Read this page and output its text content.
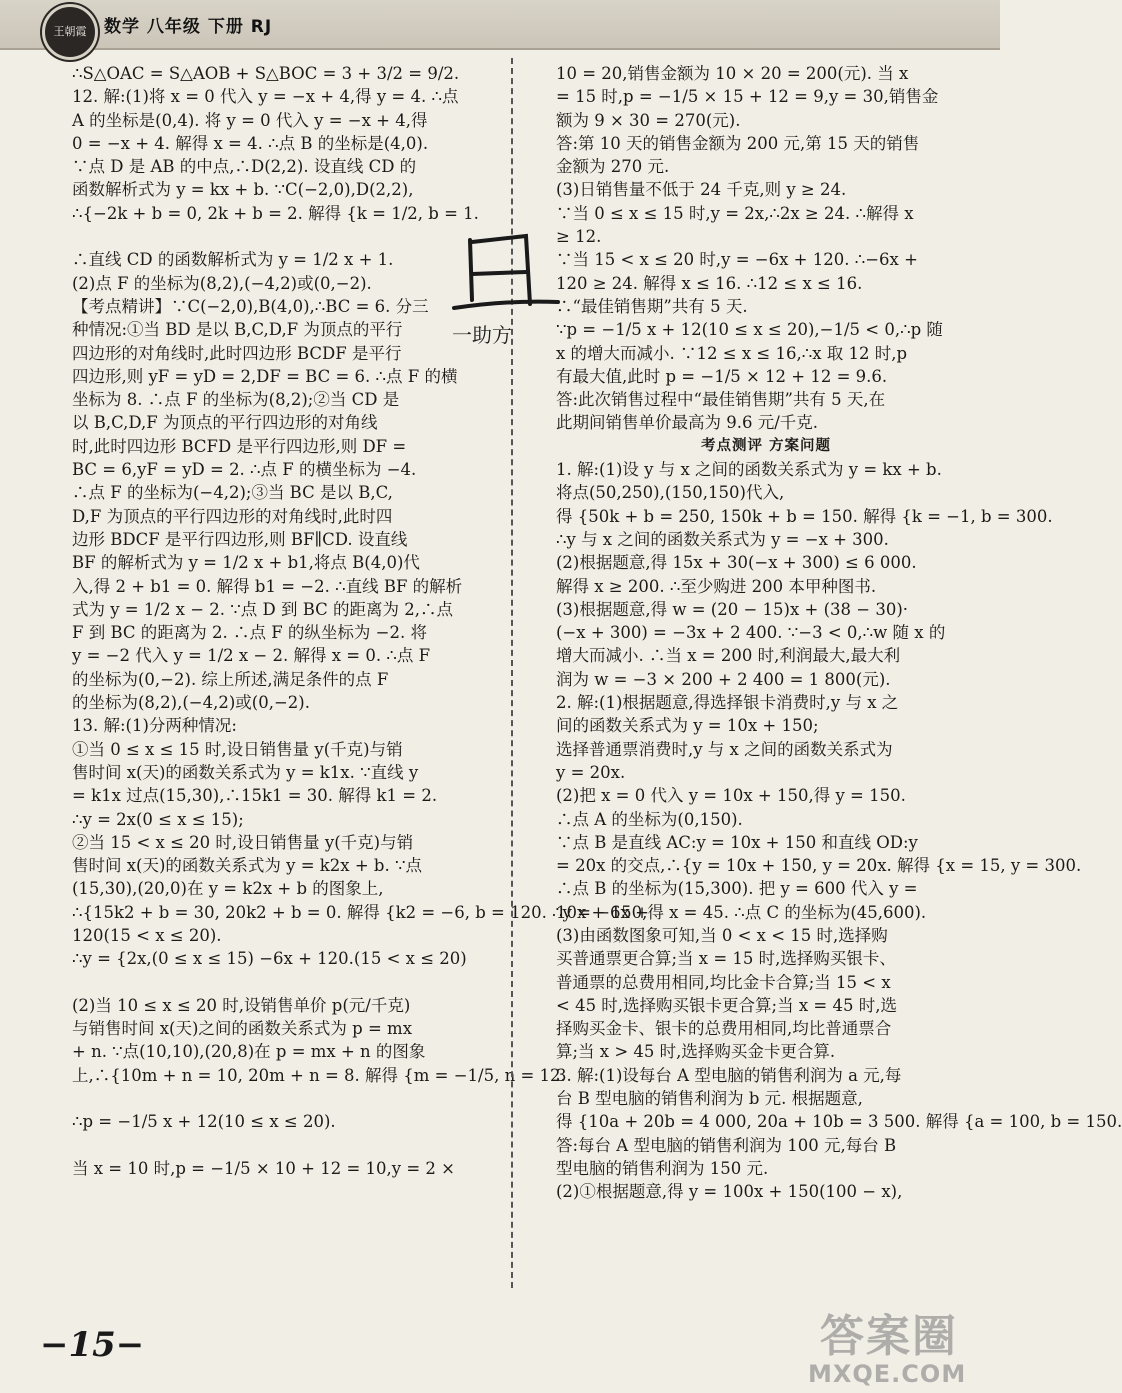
王朝霞	数学 八年级 下册 RJ
∴S△OAC = S△AOB + S△BOC = 3 + 3/2 = 9/2.
12. 解:(1)将 x = 0 代入 y = −x + 4,得 y = 4. ∴点
A 的坐标是(0,4). 将 y = 0 代入 y = −x + 4,得
0 = −x + 4. 解得 x = 4. ∴点 B 的坐标是(4,0).
∵点 D 是 AB 的中点,∴D(2,2). 设直线 CD 的
函数解析式为 y = kx + b. ∵C(−2,0),D(2,2),
∴{−2k + b = 0, 2k + b = 2. 解得 {k = 1/2, b = 1.
∴直线 CD 的函数解析式为 y = 1/2 x + 1.
(2)点 F 的坐标为(8,2),(−4,2)或(0,−2).
【考点精讲】∵C(−2,0),B(4,0),∴BC = 6. 分三
种情况:①当 BD 是以 B,C,D,F 为顶点的平行
四边形的对角线时,此时四边形 BCDF 是平行
四边形,则 yF = yD = 2,DF = BC = 6. ∴点 F 的横
坐标为 8. ∴点 F 的坐标为(8,2);②当 CD 是
以 B,C,D,F 为顶点的平行四边形的对角线
时,此时四边形 BCFD 是平行四边形,则 DF =
BC = 6,yF = yD = 2. ∴点 F 的横坐标为 −4.
∴点 F 的坐标为(−4,2);③当 BC 是以 B,C,
D,F 为顶点的平行四边形的对角线时,此时四
边形 BDCF 是平行四边形,则 BF∥CD. 设直线
BF 的解析式为 y = 1/2 x + b1,将点 B(4,0)代
入,得 2 + b1 = 0. 解得 b1 = −2. ∴直线 BF 的解析
式为 y = 1/2 x − 2. ∵点 D 到 BC 的距离为 2,∴点
F 到 BC 的距离为 2. ∴点 F 的纵坐标为 −2. 将
y = −2 代入 y = 1/2 x − 2. 解得 x = 0. ∴点 F
的坐标为(0,−2). 综上所述,满足条件的点 F
的坐标为(8,2),(−4,2)或(0,−2).
13. 解:(1)分两种情况:
①当 0 ≤ x ≤ 15 时,设日销售量 y(千克)与销
售时间 x(天)的函数关系式为 y = k1x. ∵直线 y
= k1x 过点(15,30),∴15k1 = 30. 解得 k1 = 2.
∴y = 2x(0 ≤ x ≤ 15);
②当 15 < x ≤ 20 时,设日销售量 y(千克)与销
售时间 x(天)的函数关系式为 y = k2x + b. ∵点
(15,30),(20,0)在 y = k2x + b 的图象上,
∴{15k2 + b = 30, 20k2 + b = 0. 解得 {k2 = −6, b = 120. ∴y = −6x +
120(15 < x ≤ 20).
∴y = {2x,(0 ≤ x ≤ 15) −6x + 120.(15 < x ≤ 20)
(2)当 10 ≤ x ≤ 20 时,设销售单价 p(元/千克)
与销售时间 x(天)之间的函数关系式为 p = mx
+ n. ∵点(10,10),(20,8)在 p = mx + n 的图象
上,∴{10m + n = 10, 20m + n = 8. 解得 {m = −1/5, n = 12.
∴p = −1/5 x + 12(10 ≤ x ≤ 20).
当 x = 10 时,p = −1/5 × 10 + 12 = 10,y = 2 ×
10 = 20,销售金额为 10 × 20 = 200(元). 当 x
= 15 时,p = −1/5 × 15 + 12 = 9,y = 30,销售金
额为 9 × 30 = 270(元).
答:第 10 天的销售金额为 200 元,第 15 天的销售
金额为 270 元.
(3)日销售量不低于 24 千克,则 y ≥ 24.
∵当 0 ≤ x ≤ 15 时,y = 2x,∴2x ≥ 24. ∴解得 x
≥ 12.
∵当 15 < x ≤ 20 时,y = −6x + 120. ∴−6x +
120 ≥ 24. 解得 x ≤ 16. ∴12 ≤ x ≤ 16.
∴“最佳销售期”共有 5 天.
∵p = −1/5 x + 12(10 ≤ x ≤ 20),−1/5 < 0,∴p 随
x 的增大而减小. ∵12 ≤ x ≤ 16,∴x 取 12 时,p
有最大值,此时 p = −1/5 × 12 + 12 = 9.6.
答:此次销售过程中“最佳销售期”共有 5 天,在
此期间销售单价最高为 9.6 元/千克.
考点测评 方案问题
1. 解:(1)设 y 与 x 之间的函数关系式为 y = kx + b.
将点(50,250),(150,150)代入,
得 {50k + b = 250, 150k + b = 150. 解得 {k = −1, b = 300.
∴y 与 x 之间的函数关系式为 y = −x + 300.
(2)根据题意,得 15x + 30(−x + 300) ≤ 6 000.
解得 x ≥ 200. ∴至少购进 200 本甲种图书.
(3)根据题意,得 w = (20 − 15)x + (38 − 30)·
(−x + 300) = −3x + 2 400. ∵−3 < 0,∴w 随 x 的
增大而减小. ∴当 x = 200 时,利润最大,最大利
润为 w = −3 × 200 + 2 400 = 1 800(元).
2. 解:(1)根据题意,得选择银卡消费时,y 与 x 之
间的函数关系式为 y = 10x + 150;
选择普通票消费时,y 与 x 之间的函数关系式为
y = 20x.
(2)把 x = 0 代入 y = 10x + 150,得 y = 150.
∴点 A 的坐标为(0,150).
∵点 B 是直线 AC:y = 10x + 150 和直线 OD:y
= 20x 的交点,∴{y = 10x + 150, y = 20x. 解得 {x = 15, y = 300.
∴点 B 的坐标为(15,300). 把 y = 600 代入 y =
10x + 150,得 x = 45. ∴点 C 的坐标为(45,600).
(3)由函数图象可知,当 0 < x < 15 时,选择购
买普通票更合算;当 x = 15 时,选择购买银卡、
普通票的总费用相同,均比金卡合算;当 15 < x
< 45 时,选择购买银卡更合算;当 x = 45 时,选
择购买金卡、银卡的总费用相同,均比普通票合
算;当 x > 45 时,选择购买金卡更合算.
3. 解:(1)设每台 A 型电脑的销售利润为 a 元,每
台 B 型电脑的销售利润为 b 元. 根据题意,
得 {10a + 20b = 4 000, 20a + 10b = 3 500. 解得 {a = 100, b = 150.
答:每台 A 型电脑的销售利润为 100 元,每台 B
型电脑的销售利润为 150 元.
(2)①根据题意,得 y = 100x + 150(100 − x),
一助方
−15−	答案圈
MXQE.COM
